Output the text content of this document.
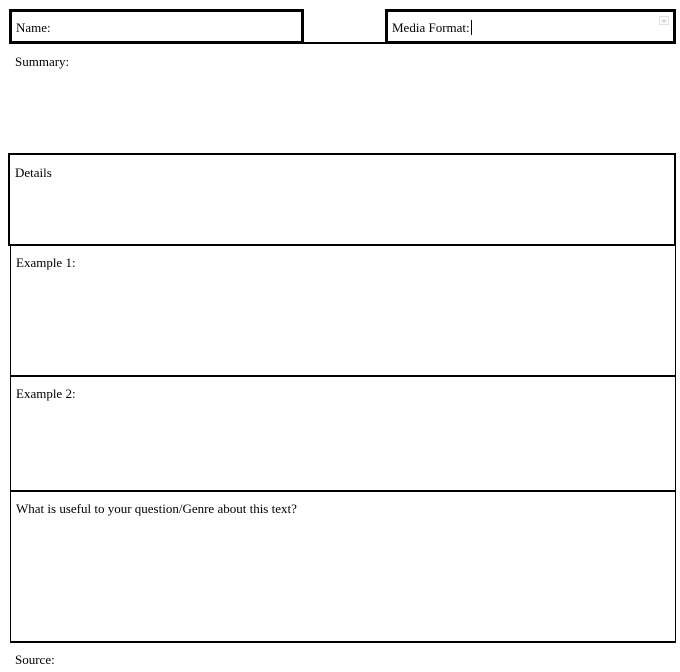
Name:	Media Format:
Summary:
Details
Example 1:
Example 2:
What is useful to your question/Genre about this text?
Source:
